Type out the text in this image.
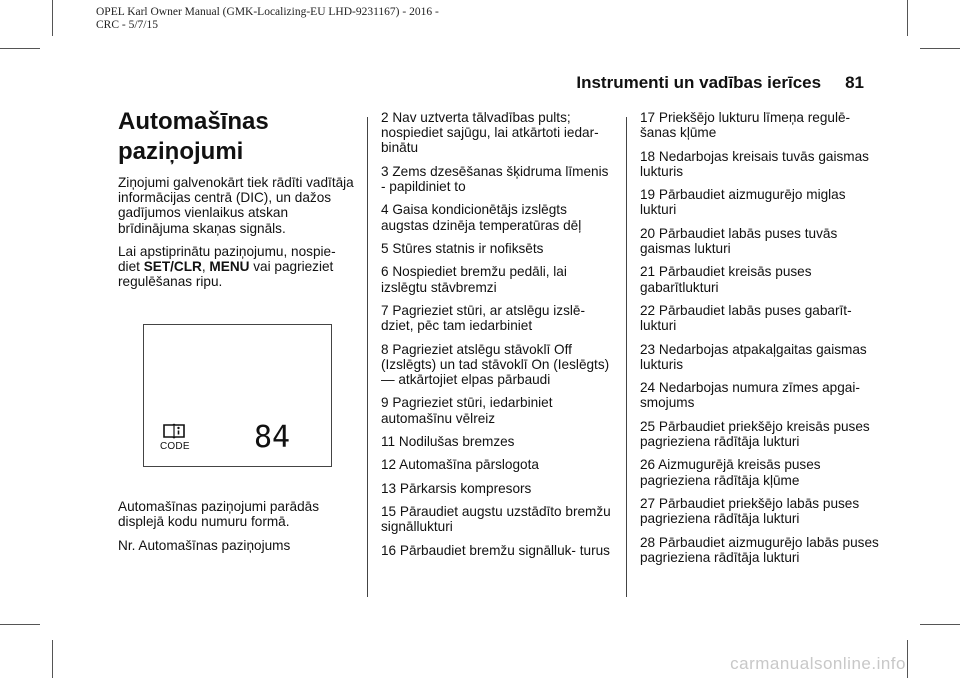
OPEL Karl Owner Manual (GMK-Localizing-EU LHD-9231167) - 2016 -
CRC - 5/7/15
Instrumenti un vadības ierīces 81
Automašīnas
paziņojumi

Ziņojumi galvenokārt tiek rādīti vadītāja informācijas centrā (DIC), un dažos gadījumos vienlaikus atskan brīdinājuma skaņas signāls.

Lai apstiprinātu paziņojumu, nospie- diet SET/CLR, MENU vai pagrieziet regulēšanas ripu.

CODE 84

Automašīnas paziņojumi parādās displejā kodu numuru formā.

Nr. Automašīnas paziņojums

2 Nav uztverta tālvadības pults; nospiediet sajūgu, lai atkārtoti iedar- binātu

3 Zems dzesēšanas šķidruma līmenis - papildiniet to

4 Gaisa kondicionētājs izslēgts augstas dzinēja temperatūras dēļ

5 Stūres statnis ir nofiksēts

6 Nospiediet bremžu pedāli, lai izslēgtu stāvbremzi

7 Pagrieziet stūri, ar atslēgu izslē- dziet, pēc tam iedarbiniet

8 Pagrieziet atslēgu stāvoklī Off (Izslēgts) un tad stāvoklī On (Ieslēgts) — atkārtojiet elpas pārbaudi

9 Pagrieziet stūri, iedarbiniet automašīnu vēlreiz

11 Nodilušas bremzes

12 Automašīna pārslogota

13 Pārkarsis kompresors

15 Pāraudiet augstu uzstādīto bremžu signāllukturi

16 Pārbaudiet bremžu signālluk- turus

17 Priekšējo lukturu līmeņa regulē- šanas kļūme

18 Nedarbojas kreisais tuvās gaismas lukturis

19 Pārbaudiet aizmugurējo miglas lukturi

20 Pārbaudiet labās puses tuvās gaismas lukturi

21 Pārbaudiet kreisās puses gabarītlukturi

22 Pārbaudiet labās puses gabarīt- lukturi

23 Nedarbojas atpakaļgaitas gaismas lukturis

24 Nedarbojas numura zīmes apgai- smojums

25 Pārbaudiet priekšējo kreisās puses pagrieziena rādītāja lukturi

26 Aizmugurējā kreisās puses pagrieziena rādītāja kļūme

27 Pārbaudiet priekšējo labās puses pagrieziena rādītāja lukturi

28 Pārbaudiet aizmugurējo labās puses pagrieziena rādītāja lukturi

carmanualsonline.info
